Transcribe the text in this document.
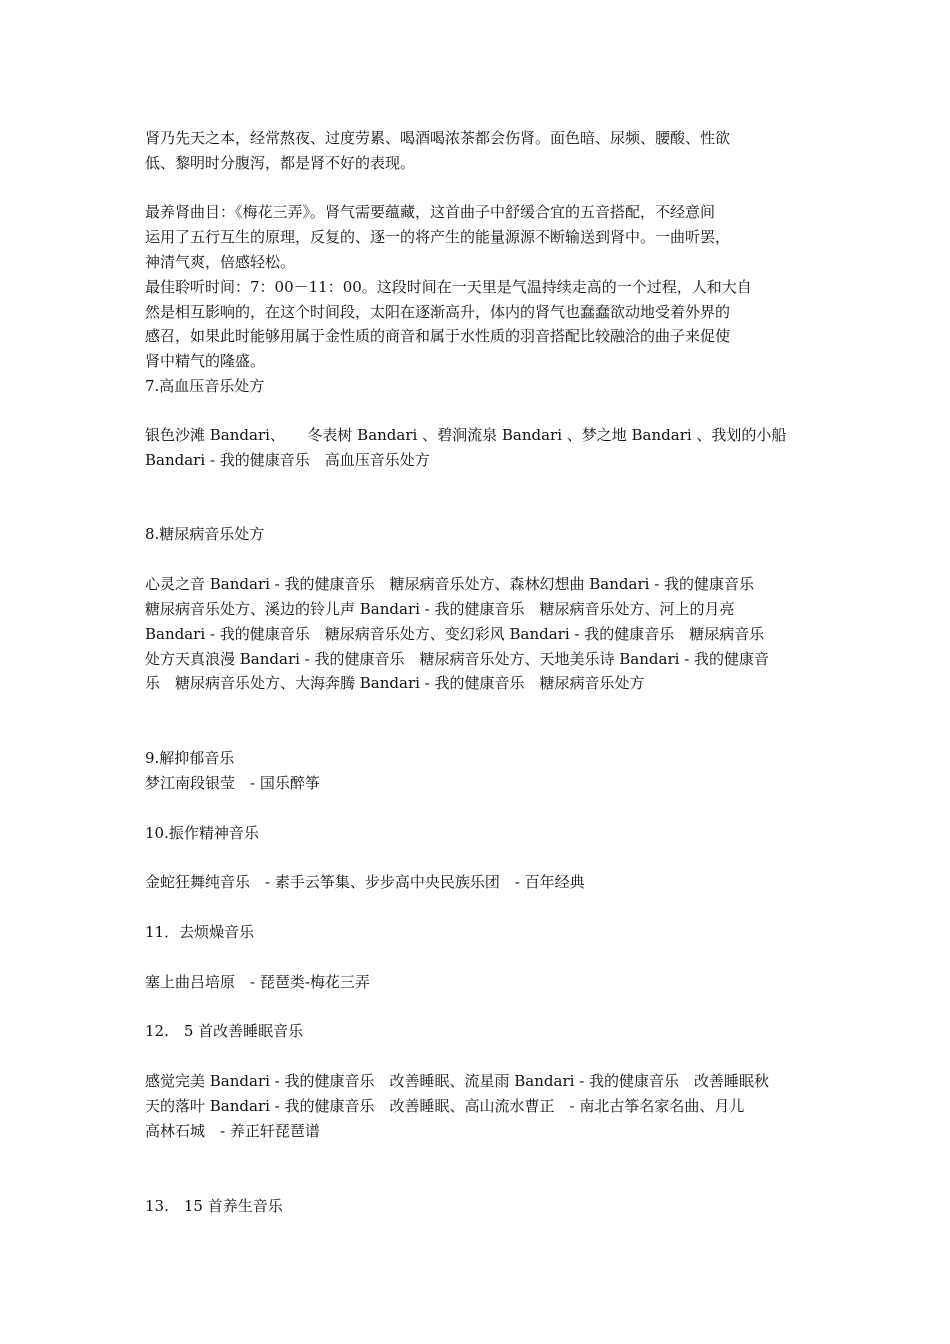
肾乃先天之本，经常熬夜、过度劳累、喝酒喝浓茶都会伤肾。面色暗、尿频、腰酸、性欲
低、黎明时分腹泻，都是肾不好的表现。
最养肾曲目：《梅花三弄》。肾气需要蕴藏，这首曲子中舒缓合宜的五音搭配，不经意间
运用了五行互生的原理，反复的、逐一的将产生的能量源源不断输送到肾中。一曲听罢，
神清气爽，倍感轻松。
最佳聆听时间：7：00－11：00。这段时间在一天里是气温持续走高的一个过程，人和大自
然是相互影响的，在这个时间段，太阳在逐渐高升，体内的肾气也蠢蠢欲动地受着外界的
感召，如果此时能够用属于金性质的商音和属于水性质的羽音搭配比较融洽的曲子来促使
肾中精气的隆盛。
7.高血压音乐处方
银色沙滩 Bandari、　　冬表树 Bandari 、碧涧流泉 Bandari 、梦之地 Bandari 、我划的小船
Bandari - 我的健康音乐　高血压音乐处方
8.糖尿病音乐处方
心灵之音 Bandari - 我的健康音乐　糖尿病音乐处方、森林幻想曲 Bandari - 我的健康音乐
糖尿病音乐处方、溪边的铃儿声 Bandari - 我的健康音乐　糖尿病音乐处方、河上的月亮
Bandari - 我的健康音乐　糖尿病音乐处方、变幻彩风 Bandari - 我的健康音乐　糖尿病音乐
处方天真浪漫 Bandari - 我的健康音乐　糖尿病音乐处方、天地美乐诗 Bandari - 我的健康音
乐　糖尿病音乐处方、大海奔腾 Bandari - 我的健康音乐　糖尿病音乐处方
9.解抑郁音乐
梦江南段银莹　- 国乐醉筝
10.振作精神音乐
金蛇狂舞纯音乐　- 素手云筝集、步步高中央民族乐团　- 百年经典
11．去烦燥音乐
塞上曲吕培原　- 琵琶类-梅花三弄
12.　5 首改善睡眠音乐
感觉完美 Bandari - 我的健康音乐　改善睡眠、流星雨 Bandari - 我的健康音乐　改善睡眠秋
天的落叶 Bandari - 我的健康音乐　改善睡眠、高山流水曹正　- 南北古筝名家名曲、月儿
高林石城　- 养正轩琵琶谱
13.　15 首养生音乐
